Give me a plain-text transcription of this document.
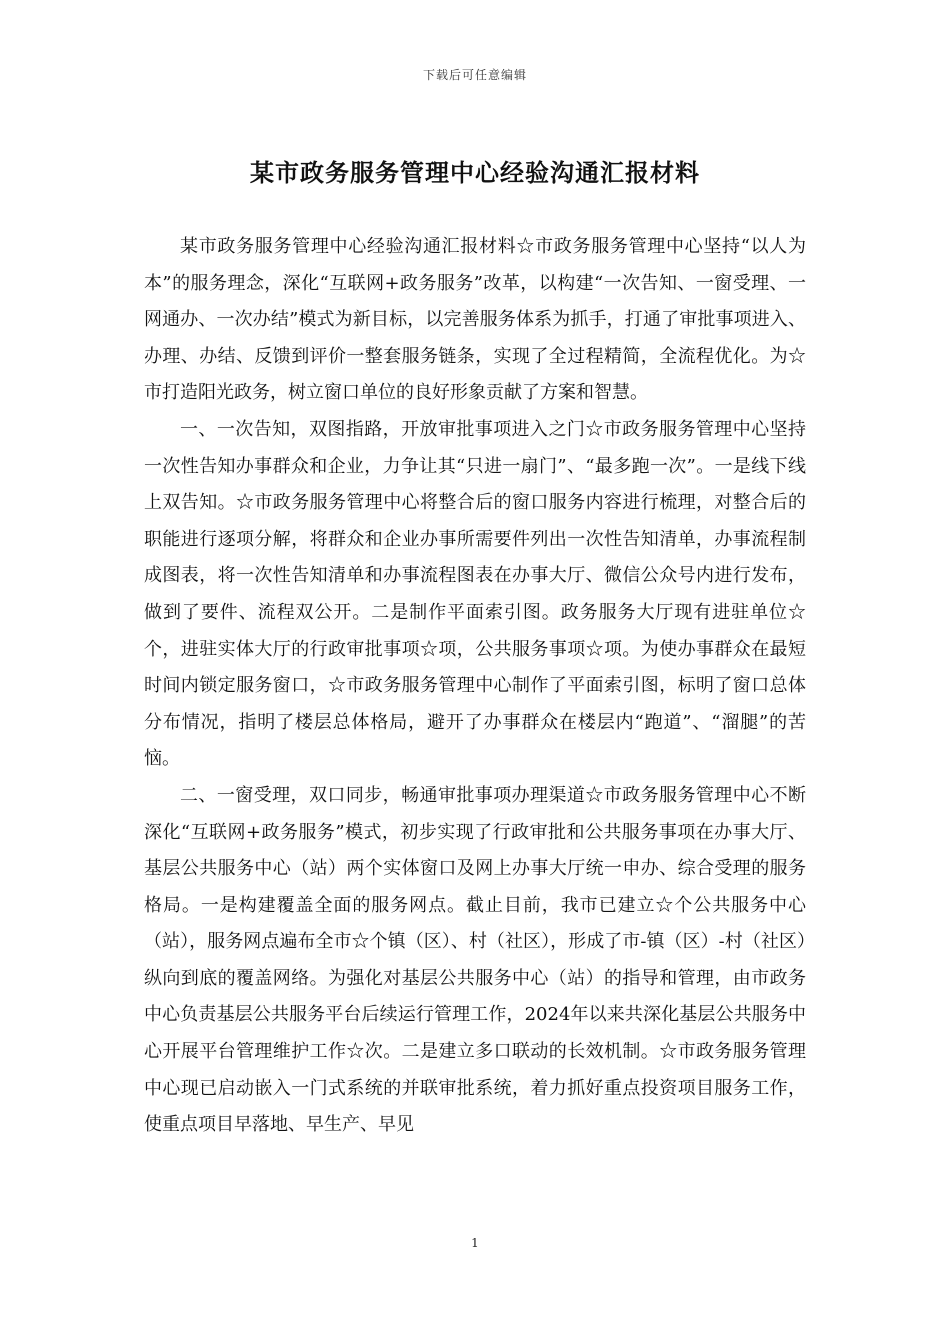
下载后可任意编辑
某市政务服务管理中心经验沟通汇报材料

某市政务服务管理中心经验沟通汇报材料☆市政务服务管理中心坚持“以人为本”的服务理念，深化“互联网+政务服务”改革，以构建“一次告知、一窗受理、一网通办、一次办结”模式为新目标，以完善服务体系为抓手，打通了审批事项进入、办理、办结、反馈到评价一整套服务链条，实现了全过程精简，全流程优化。为☆市打造阳光政务，树立窗口单位的良好形象贡献了方案和智慧。

一、一次告知，双图指路，开放审批事项进入之门☆市政务服务管理中心坚持一次性告知办事群众和企业，力争让其“只进一扇门”、“最多跑一次”。一是线下线上双告知。☆市政务服务管理中心将整合后的窗口服务内容进行梳理，对整合后的职能进行逐项分解，将群众和企业办事所需要件列出一次性告知清单，办事流程制成图表，将一次性告知清单和办事流程图表在办事大厅、微信公众号内进行发布，做到了要件、流程双公开。二是制作平面索引图。政务服务大厅现有进驻单位☆个，进驻实体大厅的行政审批事项☆项，公共服务事项☆项。为使办事群众在最短时间内锁定服务窗口，☆市政务服务管理中心制作了平面索引图，标明了窗口总体分布情况，指明了楼层总体格局，避开了办事群众在楼层内“跑道”、“溜腿”的苦恼。

二、一窗受理，双口同步，畅通审批事项办理渠道☆市政务服务管理中心不断深化“互联网+政务服务”模式，初步实现了行政审批和公共服务事项在办事大厅、基层公共服务中心（站）两个实体窗口及网上办事大厅统一申办、综合受理的服务格局。一是构建覆盖全面的服务网点。截止目前，我市已建立☆个公共服务中心（站），服务网点遍布全市☆个镇（区）、村（社区），形成了市-镇（区）-村（社区）纵向到底的覆盖网络。为强化对基层公共服务中心（站）的指导和管理，由市政务中心负责基层公共服务平台后续运行管理工作，2024年以来共深化基层公共服务中心开展平台管理维护工作☆次。二是建立多口联动的长效机制。☆市政务服务管理中心现已启动嵌入一门式系统的并联审批系统，着力抓好重点投资项目服务工作，使重点项目早落地、早生产、早见

1
